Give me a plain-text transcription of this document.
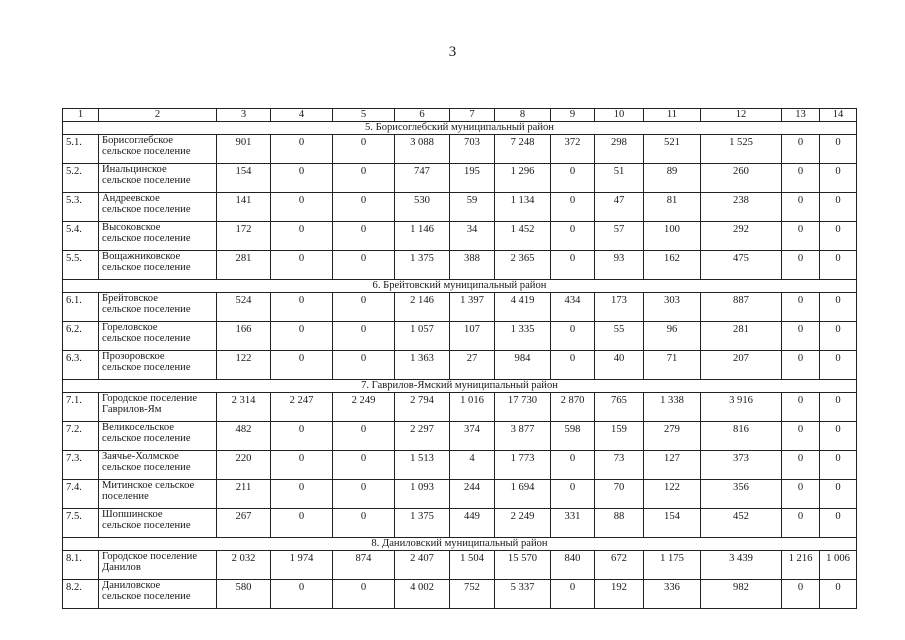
3
1	2	3	4	5	6	7	8	9	10	11	12	13	14
5. Борисоглебский муниципальный район													
5.1.	Борисоглебское
сельское поселение	901	0	0	3 088	703	7 248	372	298	521	1 525	0	0
5.2.	Инальцинское
сельское поселение	154	0	0	747	195	1 296	0	51	89	260	0	0
5.3.	Андреевское
сельское поселение	141	0	0	530	59	1 134	0	47	81	238	0	0
5.4.	Высоковское
сельское поселение	172	0	0	1 146	34	1 452	0	57	100	292	0	0
5.5.	Вощажниковское
сельское поселение	281	0	0	1 375	388	2 365	0	93	162	475	0	0
6. Брейтовский муниципальный район													
6.1.	Брейтовское
сельское поселение	524	0	0	2 146	1 397	4 419	434	173	303	887	0	0
6.2.	Гореловское
сельское поселение	166	0	0	1 057	107	1 335	0	55	96	281	0	0
6.3.	Прозоровское
сельское поселение	122	0	0	1 363	27	984	0	40	71	207	0	0
7. Гаврилов-Ямский муниципальный район													
7.1.	Городское поселение
Гаврилов-Ям	2 314	2 247	2 249	2 794	1 016	17 730	2 870	765	1 338	3 916	0	0
7.2.	Великосельское
сельское поселение	482	0	0	2 297	374	3 877	598	159	279	816	0	0
7.3.	Заячье-Холмское
сельское поселение	220	0	0	1 513	4	1 773	0	73	127	373	0	0
7.4.	Митинское сельское
поселение	211	0	0	1 093	244	1 694	0	70	122	356	0	0
7.5.	Шопшинское
сельское поселение	267	0	0	1 375	449	2 249	331	88	154	452	0	0
8. Даниловский муниципальный район													
8.1.	Городское поселение
Данилов	2 032	1 974	874	2 407	1 504	15 570	840	672	1 175	3 439	1 216	1 006
8.2.	Даниловское
сельское поселение	580	0	0	4 002	752	5 337	0	192	336	982	0	0
